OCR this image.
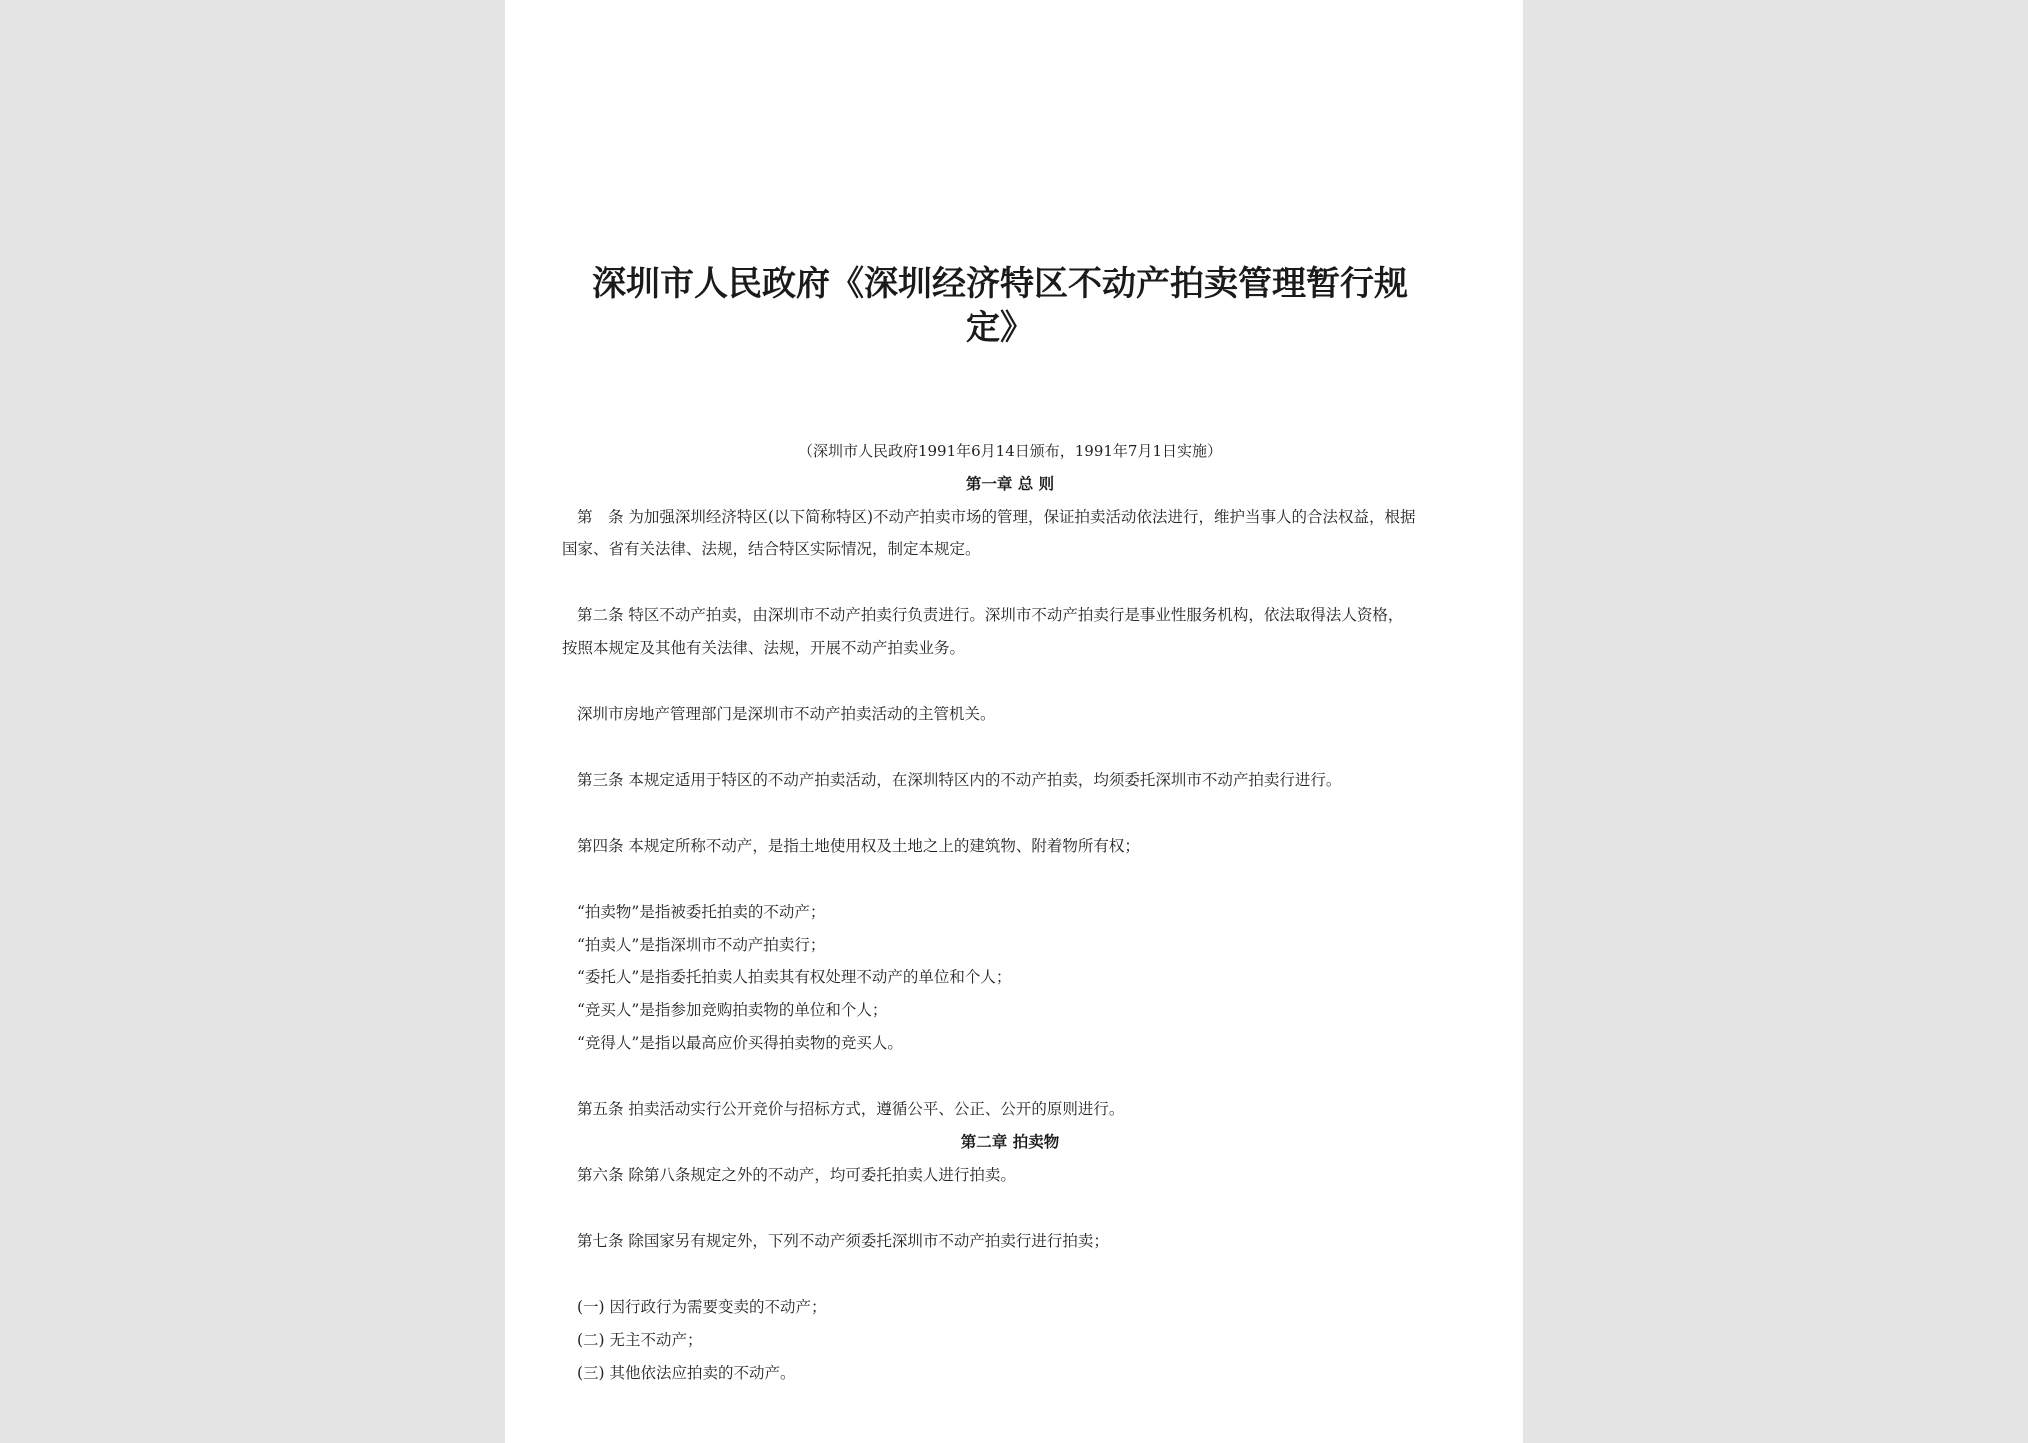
深圳市人民政府《深圳经济特区不动产拍卖管理暂行规
定》
（深圳市人民政府1991年6月14日颁布，1991年7月1日实施）
第一章 总 则
第　条 为加强深圳经济特区(以下简称特区)不动产拍卖市场的管理，保证拍卖活动依法进行，维护当事人的合法权益，根据
国家、省有关法律、法规，结合特区实际情况，制定本规定。
第二条 特区不动产拍卖，由深圳市不动产拍卖行负责进行。深圳市不动产拍卖行是事业性服务机构，依法取得法人资格，
按照本规定及其他有关法律、法规，开展不动产拍卖业务。
深圳市房地产管理部门是深圳市不动产拍卖活动的主管机关。
第三条 本规定适用于特区的不动产拍卖活动，在深圳特区内的不动产拍卖，均须委托深圳市不动产拍卖行进行。
第四条 本规定所称不动产，是指土地使用权及土地之上的建筑物、附着物所有权；
“拍卖物”是指被委托拍卖的不动产；
“拍卖人”是指深圳市不动产拍卖行；
“委托人”是指委托拍卖人拍卖其有权处理不动产的单位和个人；
“竞买人”是指参加竞购拍卖物的单位和个人；
“竞得人”是指以最高应价买得拍卖物的竞买人。
第五条 拍卖活动实行公开竞价与招标方式，遵循公平、公正、公开的原则进行。
第二章 拍卖物
第六条 除第八条规定之外的不动产，均可委托拍卖人进行拍卖。
第七条 除国家另有规定外，下列不动产须委托深圳市不动产拍卖行进行拍卖；
(一) 因行政行为需要变卖的不动产；
(二) 无主不动产；
(三) 其他依法应拍卖的不动产。
